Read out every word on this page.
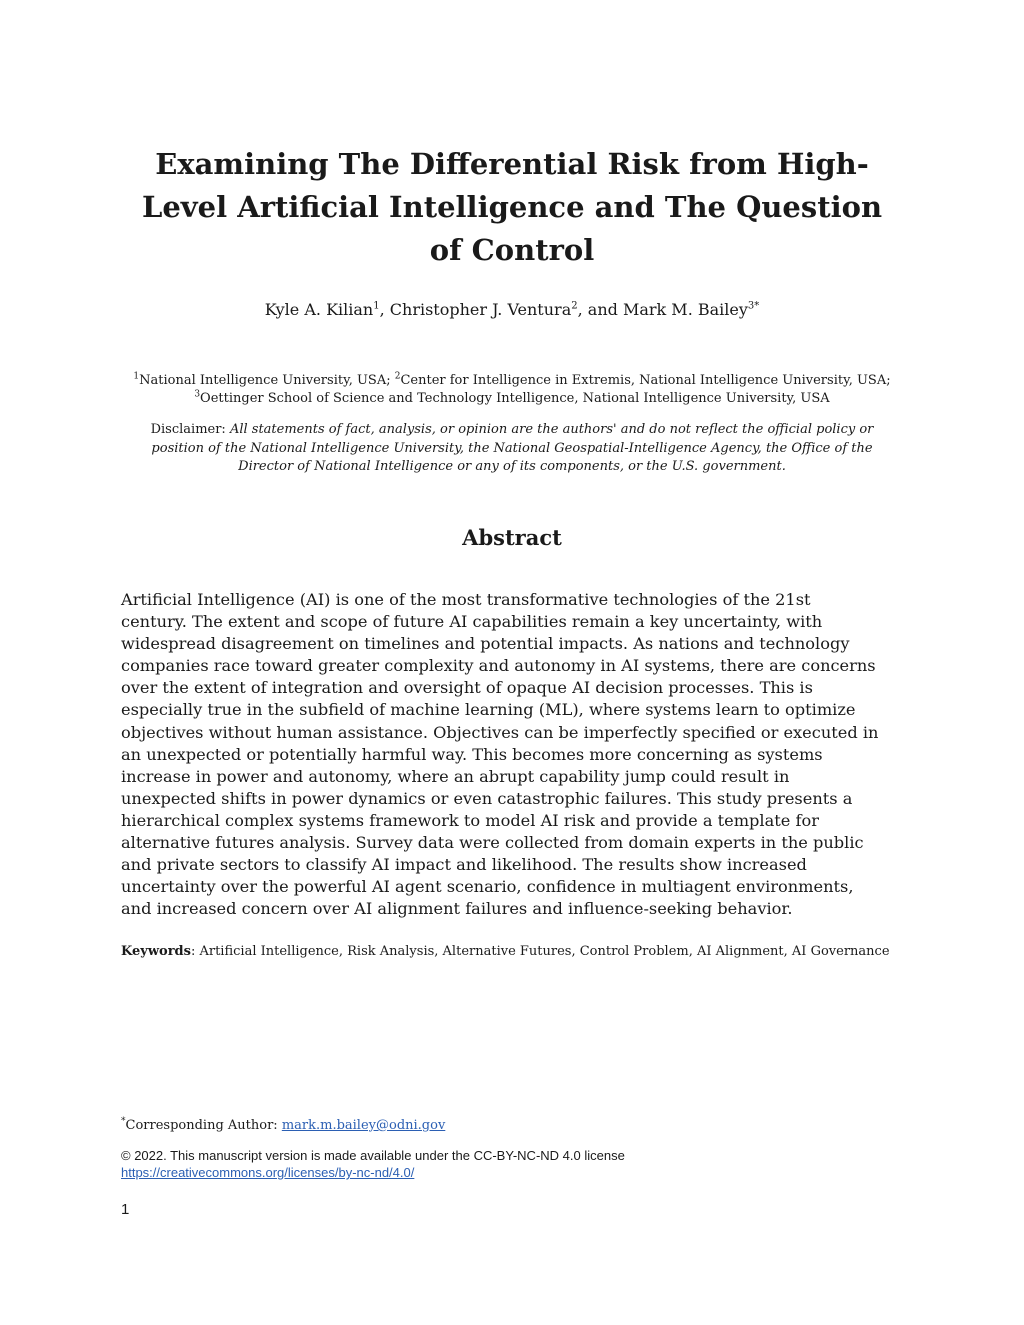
Examining The Differential Risk from High-
Level Artificial Intelligence and The Question
of Control
Kyle A. Kilian$^1$, Christopher J. Ventura$^2$, and Mark M. Bailey$^{3*}$
$^1$National Intelligence University, USA; $^2$Center for Intelligence in Extremis, National Intelligence University, USA; $^3$Oettinger School of Science and Technology Intelligence, National Intelligence University, USA
Disclaimer: All statements of fact, analysis, or opinion are the authors' and do not reflect the official policy or position of the National Intelligence University, the National Geospatial-Intelligence Agency, the Office of the Director of National Intelligence or any of its components, or the U.S. government.
Abstract

Artificial Intelligence (AI) is one of the most transformative technologies of the 21st
century. The extent and scope of future AI capabilities remain a key uncertainty, with
widespread disagreement on timelines and potential impacts. As nations and technology
companies race toward greater complexity and autonomy in AI systems, there are concerns
over the extent of integration and oversight of opaque AI decision processes. This is
especially true in the subfield of machine learning (ML), where systems learn to optimize
objectives without human assistance. Objectives can be imperfectly specified or executed in
an unexpected or potentially harmful way. This becomes more concerning as systems
increase in power and autonomy, where an abrupt capability jump could result in
unexpected shifts in power dynamics or even catastrophic failures. This study presents a
hierarchical complex systems framework to model AI risk and provide a template for
alternative futures analysis. Survey data were collected from domain experts in the public
and private sectors to classify AI impact and likelihood. The results show increased
uncertainty over the powerful AI agent scenario, confidence in multiagent environments,
and increased concern over AI alignment failures and influence-seeking behavior.

Keywords: Artificial Intelligence, Risk Analysis, Alternative Futures, Control Problem, AI Alignment, AI Governance

*Corresponding Author: mark.m.bailey@odni.gov
© 2022. This manuscript version is made available under the CC-BY-NC-ND 4.0 license
https://creativecommons.org/licenses/by-nc-nd/4.0/
1
